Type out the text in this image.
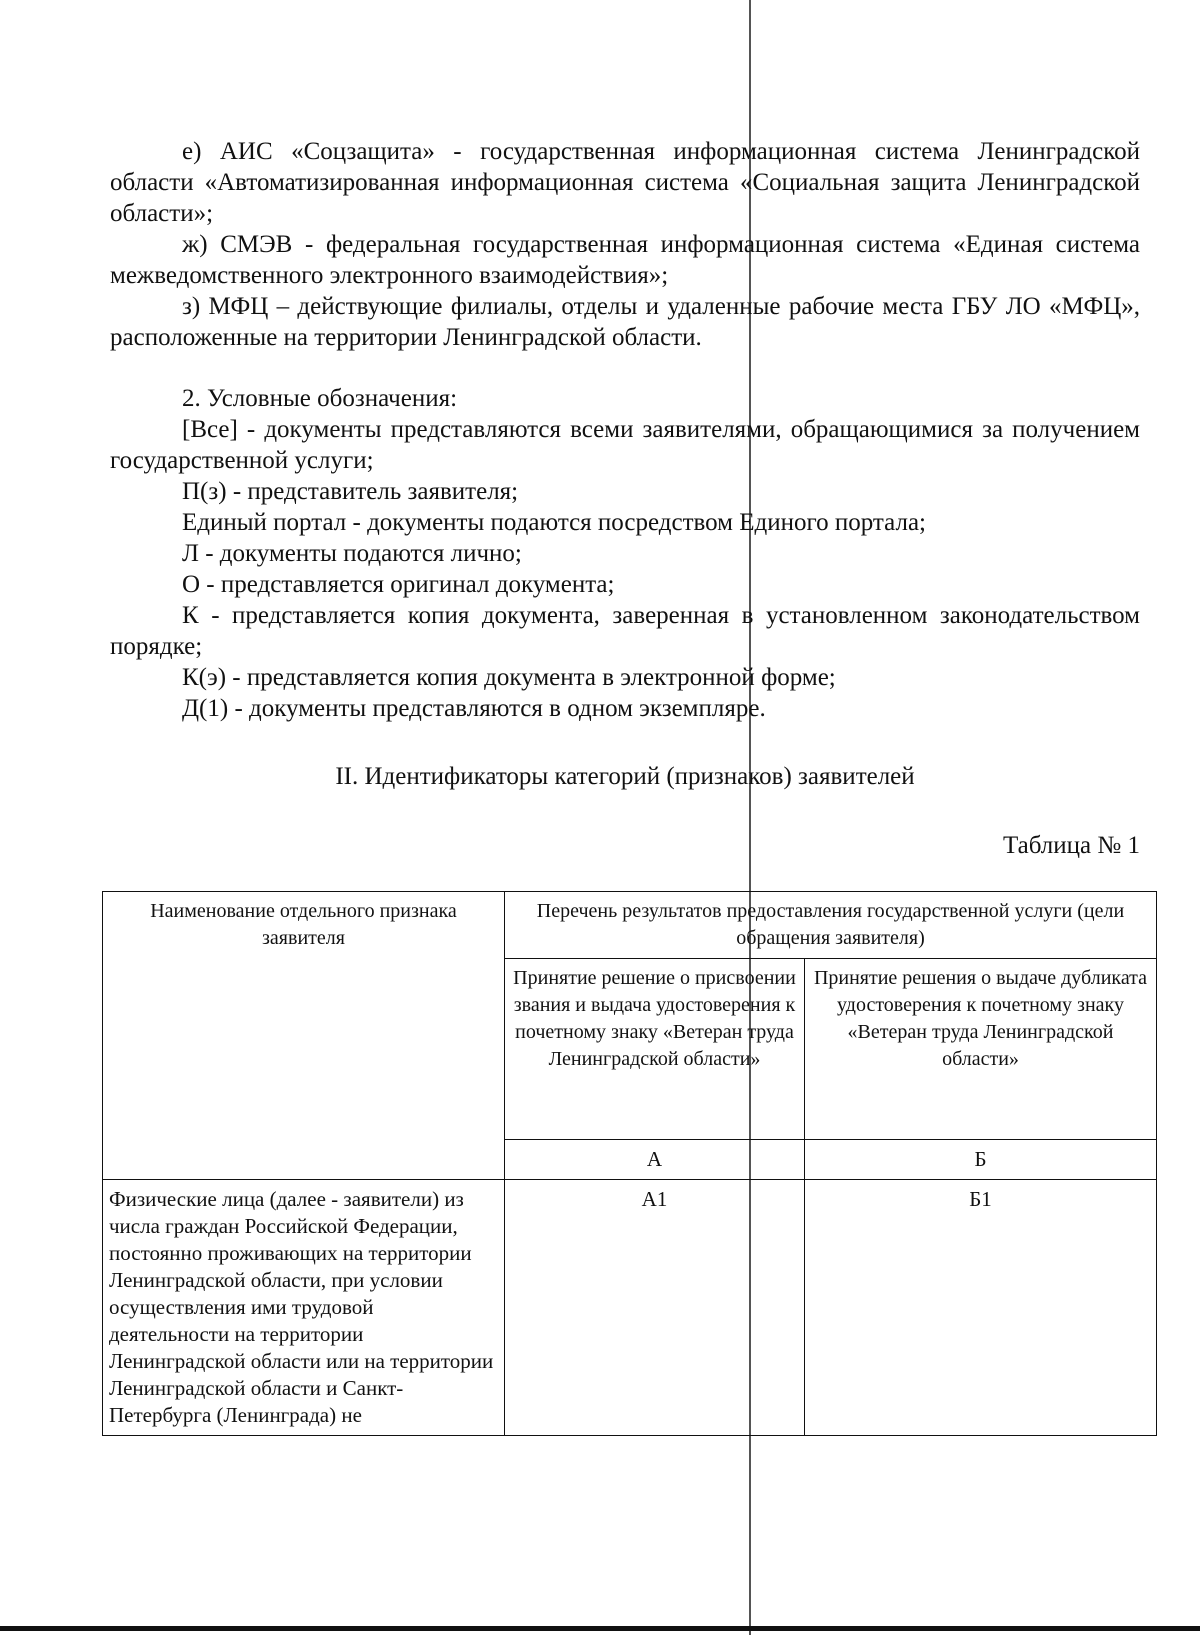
е) АИС «Соцзащита» - государственная информационная система Ленинградской области «Автоматизированная информационная система «Социальная защита Ленинградской области»;

ж) СМЭВ - федеральная государственная информационная система «Единая система межведомственного электронного взаимодействия»;

з) МФЦ – действующие филиалы, отделы и удаленные рабочие места ГБУ ЛО «МФЦ», расположенные на территории Ленинградской области.

2. Условные обозначения:

[Все] - документы представляются всеми заявителями, обращающимися за получением государственной услуги;

П(з) - представитель заявителя;

Единый портал - документы подаются посредством Единого портала;

Л - документы подаются лично;

О - представляется оригинал документа;

К - представляется копия документа, заверенная в установленном законодательством порядке;

К(э) - представляется копия документа в электронной форме;

Д(1) - документы представляются в одном экземпляре.

II. Идентификаторы категорий (признаков) заявителей

Таблица № 1

Наименование отдельного признака заявителя	Перечень результатов предоставления государственной услуги (цели обращения заявителя)	
	Принятие решение о присвоении звания и выдача удостоверения к почетному знаку «Ветеран труда Ленинградской области»	Принятие решения о выдаче дубликата удостоверения к почетному знаку «Ветеран труда Ленинградской области»
	А	Б
Физические лица (далее - заявители) из числа граждан Российской Федерации, постоянно проживающих на территории Ленинградской области, при условии осуществления ими трудовой деятельности на территории Ленинградской области или на территории Ленинградской области и Санкт-Петербурга (Ленинграда) не	А1	Б1
